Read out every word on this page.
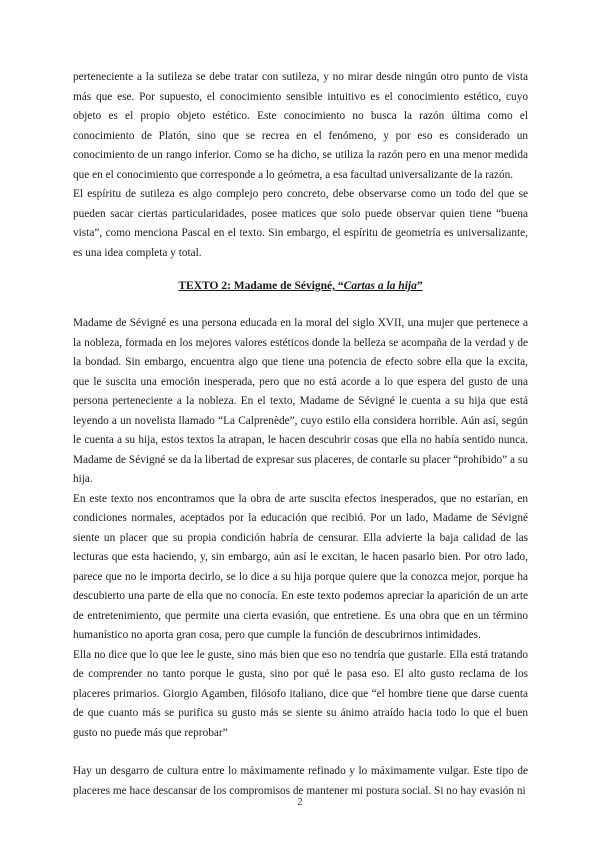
perteneciente a la sutileza se debe tratar con sutileza, y no mirar desde ningún otro punto de vista más que ese. Por supuesto, el conocimiento sensible intuitivo es el conocimiento estético, cuyo objeto es el propio objeto estético. Este conocimiento no busca la razón última como el conocimiento de Platón, sino que se recrea en el fenómeno, y por eso es considerado un conocimiento de un rango inferior. Como se ha dicho, se utiliza la razón pero en una menor medida que en el conocimiento que corresponde a lo geómetra, a esa facultad universalizante de la razón.

El espíritu de sutileza es algo complejo pero concreto, debe observarse como un todo del que se pueden sacar ciertas particularidades, posee matices que solo puede observar quien tiene “buena vista”, como menciona Pascal en el texto. Sin embargo, el espíritu de geometría es universalizante, es una idea completa y total.

TEXTO 2: Madame de Sévigné, “Cartas a la hija”

Madame de Sévigné es una persona educada en la moral del siglo XVII, una mujer que pertenece a la nobleza, formada en los mejores valores estéticos donde la belleza se acompaña de la verdad y de la bondad. Sin embargo, encuentra algo que tiene una potencia de efecto sobre ella que la excita, que le suscita una emoción inesperada, pero que no está acorde a lo que espera del gusto de una persona perteneciente a la nobleza. En el texto, Madame de Sévigné le cuenta a su hija que está leyendo a un novelista llamado “La Calprenède”, cuyo estilo ella considera horrible. Aún así, según le cuenta a su hija, estos textos la atrapan, le hacen descubrir cosas que ella no había sentido nunca. Madame de Sévigné se da la libertad de expresar sus placeres, de contarle su placer “prohibido” a su hija.

En este texto nos encontramos que la obra de arte suscita efectos inesperados, que no estarían, en condiciones normales, aceptados por la educación que recibió. Por un lado, Madame de Sévigné siente un placer que su propia condición habría de censurar. Ella advierte la baja calidad de las lecturas que esta haciendo, y, sin embargo, aún así le excitan, le hacen pasarlo bien. Por otro lado, parece que no le importa decirlo, se lo dice a su hija porque quiere que la conozca mejor, porque ha descubierto una parte de ella que no conocía. En este texto podemos apreciar la aparición de un arte de entretenimiento, que permite una cierta evasión, que entretiene. Es una obra que en un término humanístico no aporta gran cosa, pero que cumple la función de descubrirnos intimidades.

Ella no dice que lo que lee le guste, sino más bien que eso no tendría que gustarle. Ella está tratando de comprender no tanto porque le gusta, sino por qué le pasa eso. El alto gusto reclama de los placeres primarios. Giorgio Agamben, filósofo italiano, dice que “el hombre tiene que darse cuenta de que cuanto más se purifica su gusto más se siente su ánimo atraído hacia todo lo que el buen gusto no puede más que reprobar”

Hay un desgarro de cultura entre lo máximamente refinado y lo máximamente vulgar. Este tipo de placeres me hace descansar de los compromisos de mantener mi postura social. Si no hay evasión ni

2
